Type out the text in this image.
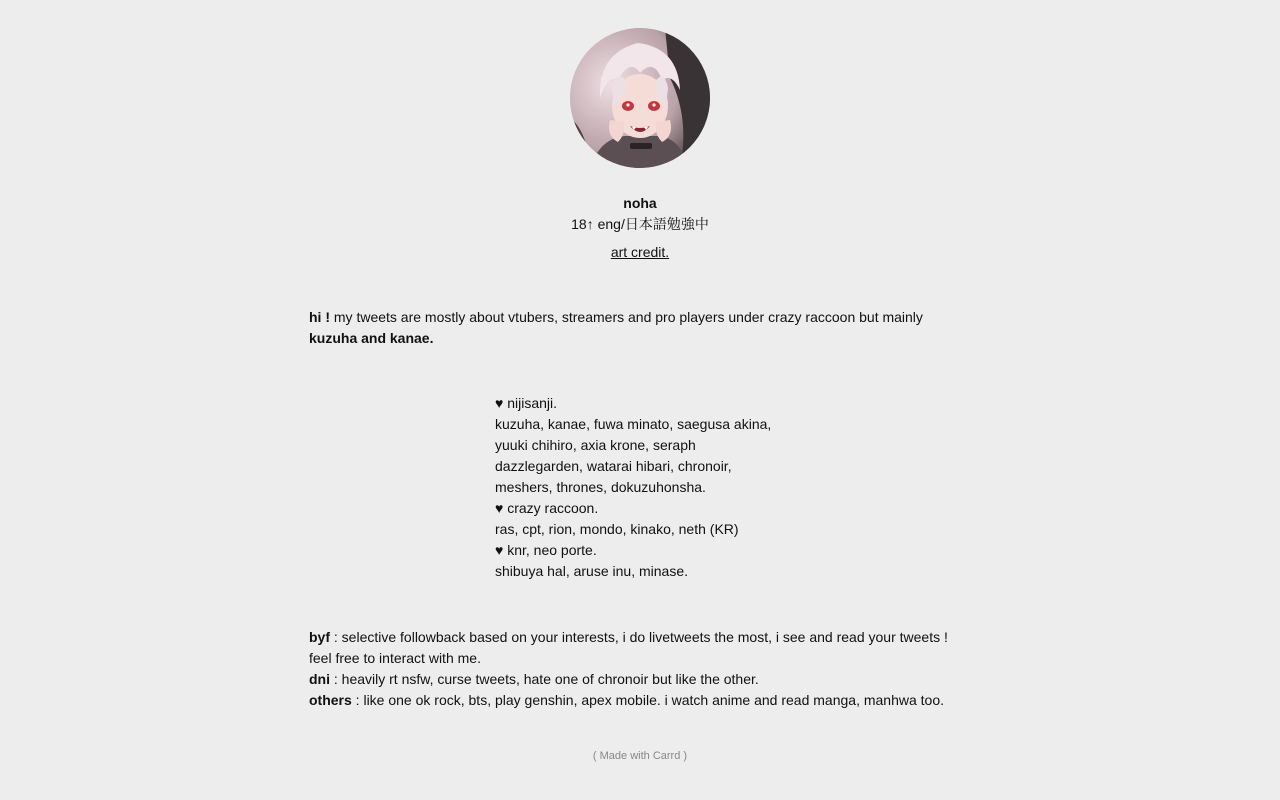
noha
18↑ eng/日本語勉強中
art credit.
hi ! my tweets are mostly about vtubers, streamers and pro players under crazy raccoon but mainly kuzuha and kanae.
♥ nijisanji.
kuzuha, kanae, fuwa minato, saegusa akina,
yuuki chihiro, axia krone, seraph
dazzlegarden, watarai hibari, chronoir,
meshers, thrones, dokuzuhonsha.
♥ crazy raccoon.
ras, cpt, rion, mondo, kinako, neth (KR)
♥ knr, neo porte.
shibuya hal, aruse inu, minase.
byf : selective followback based on your interests, i do livetweets the most, i see and read your tweets ! feel free to interact with me.
dni : heavily rt nsfw, curse tweets, hate one of chronoir but like the other.
others : like one ok rock, bts, play genshin, apex mobile. i watch anime and read manga, manhwa too.
( Made with Carrd )
